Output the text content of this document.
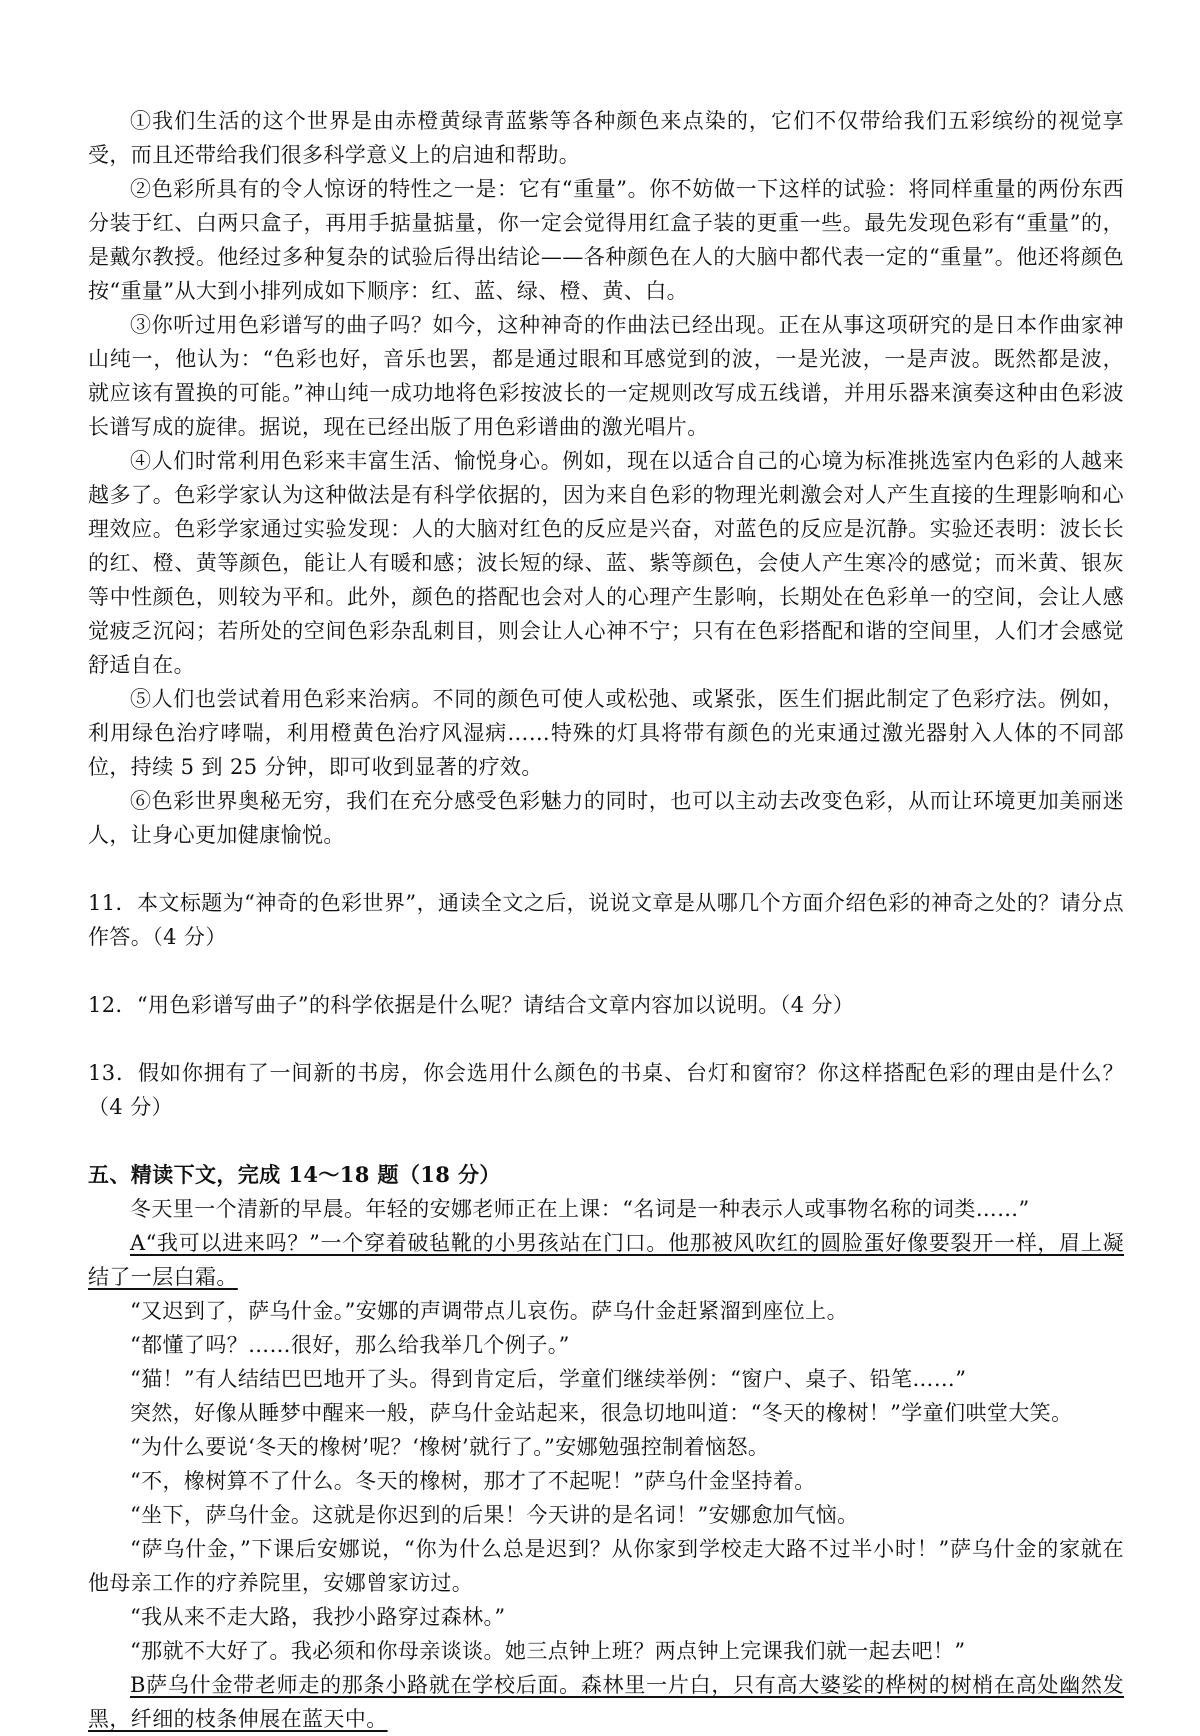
①我们生活的这个世界是由赤橙黄绿青蓝紫等各种颜色来点染的，它们不仅带给我们五彩缤纷的视觉享受，而且还带给我们很多科学意义上的启迪和帮助。

②色彩所具有的令人惊讶的特性之一是：它有“重量”。你不妨做一下这样的试验：将同样重量的两份东西分装于红、白两只盒子，再用手掂量掂量，你一定会觉得用红盒子装的更重一些。最先发现色彩有“重量”的，是戴尔教授。他经过多种复杂的试验后得出结论——各种颜色在人的大脑中都代表一定的“重量”。他还将颜色按“重量”从大到小排列成如下顺序：红、蓝、绿、橙、黄、白。

③你听过用色彩谱写的曲子吗？如今，这种神奇的作曲法已经出现。正在从事这项研究的是日本作曲家神山纯一，他认为：“色彩也好，音乐也罢，都是通过眼和耳感觉到的波，一是光波，一是声波。既然都是波，就应该有置换的可能。”神山纯一成功地将色彩按波长的一定规则改写成五线谱，并用乐器来演奏这种由色彩波长谱写成的旋律。据说，现在已经出版了用色彩谱曲的激光唱片。

④人们时常利用色彩来丰富生活、愉悦身心。例如，现在以适合自己的心境为标准挑选室内色彩的人越来越多了。色彩学家认为这种做法是有科学依据的，因为来自色彩的物理光刺激会对人产生直接的生理影响和心理效应。色彩学家通过实验发现：人的大脑对红色的反应是兴奋，对蓝色的反应是沉静。实验还表明：波长长的红、橙、黄等颜色，能让人有暖和感；波长短的绿、蓝、紫等颜色，会使人产生寒冷的感觉；而米黄、银灰等中性颜色，则较为平和。此外，颜色的搭配也会对人的心理产生影响，长期处在色彩单一的空间，会让人感觉疲乏沉闷；若所处的空间色彩杂乱刺目，则会让人心神不宁；只有在色彩搭配和谐的空间里，人们才会感觉舒适自在。

⑤人们也尝试着用色彩来治病。不同的颜色可使人或松弛、或紧张，医生们据此制定了色彩疗法。例如，利用绿色治疗哮喘，利用橙黄色治疗风湿病……特殊的灯具将带有颜色的光束通过激光器射入人体的不同部位，持续 5 到 25 分钟，即可收到显著的疗效。

⑥色彩世界奥秘无穷，我们在充分感受色彩魅力的同时，也可以主动去改变色彩，从而让环境更加美丽迷人，让身心更加健康愉悦。

11．本文标题为“神奇的色彩世界”，通读全文之后，说说文章是从哪几个方面介绍色彩的神奇之处的？请分点作答。（4 分）

12．“用色彩谱写曲子”的科学依据是什么呢？请结合文章内容加以说明。（4 分）

13．假如你拥有了一间新的书房，你会选用什么颜色的书桌、台灯和窗帘？你这样搭配色彩的理由是什么？（4 分）

五、精读下文，完成 14～18 题（18 分）

冬天里一个清新的早晨。年轻的安娜老师正在上课：“名词是一种表示人或事物名称的词类……”

A“我可以进来吗？”一个穿着破毡靴的小男孩站在门口。他那被风吹红的圆脸蛋好像要裂开一样，眉上凝结了一层白霜。

“又迟到了，萨乌什金。”安娜的声调带点儿哀伤。萨乌什金赶紧溜到座位上。

“都懂了吗？……很好，那么给我举几个例子。”

“猫！”有人结结巴巴地开了头。得到肯定后，学童们继续举例：“窗户、桌子、铅笔……”

突然，好像从睡梦中醒来一般，萨乌什金站起来，很急切地叫道：“冬天的橡树！”学童们哄堂大笑。

“为什么要说‘冬天的橡树’呢？‘橡树’就行了。”安娜勉强控制着恼怒。

“不，橡树算不了什么。冬天的橡树，那才了不起呢！”萨乌什金坚持着。

“坐下，萨乌什金。这就是你迟到的后果！今天讲的是名词！”安娜愈加气恼。

“萨乌什金，”下课后安娜说，“你为什么总是迟到？从你家到学校走大路不过半小时！”萨乌什金的家就在他母亲工作的疗养院里，安娜曾家访过。

“我从来不走大路，我抄小路穿过森林。”

“那就不大好了。我必须和你母亲谈谈。她三点钟上班？两点钟上完课我们就一起去吧！”

B萨乌什金带老师走的那条小路就在学校后面。森林里一片白，只有高大婆娑的桦树的树梢在高处幽然发黑，纤细的枝条伸展在蓝天中。
